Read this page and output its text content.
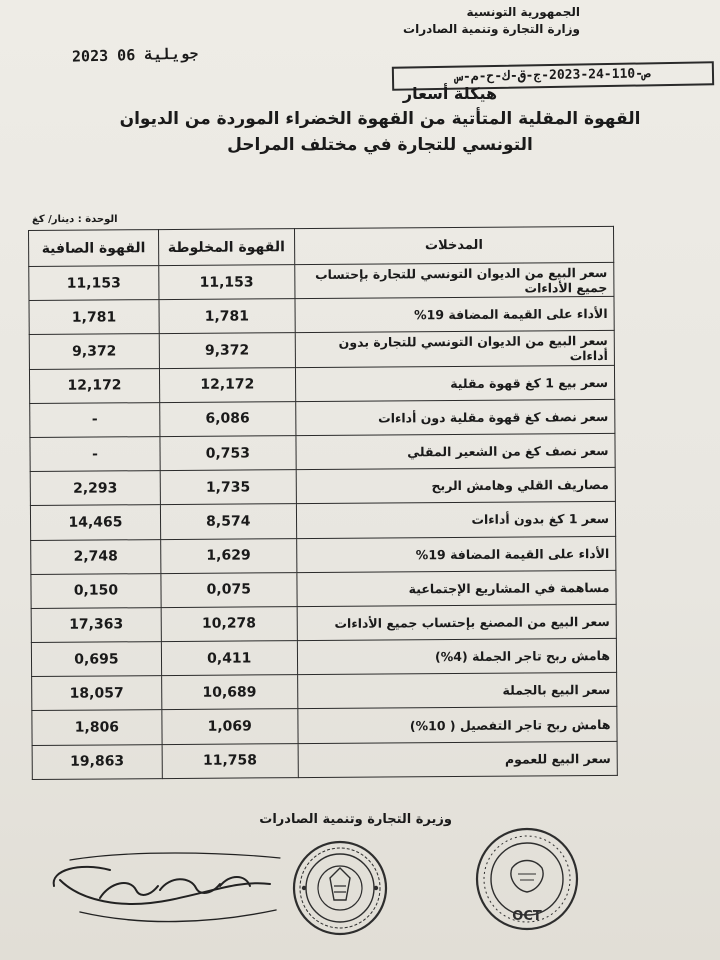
الجمهورية التونسية
وزارة التجارة وتنمية الصادرات
2023 جويلية 06
ص-110-24-2023-ج-ق-ك-ح-م-س
هيكلة أسعار
القهوة المقلية المتأتية من القهوة الخضراء الموردة من الديوان
التونسي للتجارة في مختلف المراحل
الوحدة : دينار/ كغ
المدخلات	القهوة المخلوطة	القهوة الصافية
سعر البيع من الديوان التونسي للتجارة بإحتساب جميع الأداءات	11,153	11,153
الأداء على القيمة المضافة 19%	1,781	1,781
سعر البيع من الديوان التونسي للتجارة بدون أداءات	9,372	9,372
سعر بيع 1 كغ قهوة مقلية	12,172	12,172
سعر نصف كغ قهوة مقلية دون أداءات	6,086	-
سعر نصف كغ من الشعير المقلي	0,753	-
مصاريف القلي وهامش الربح	1,735	2,293
سعر 1 كغ بدون أداءات	8,574	14,465
الأداء على القيمة المضافة 19%	1,629	2,748
مساهمة في المشاريع الإجتماعية	0,075	0,150
سعر البيع من المصنع بإحتساب جميع الأداءات	10,278	17,363
هامش ربح تاجر الجملة (4%)	0,411	0,695
سعر البيع بالجملة	10,689	18,057
هامش ربح تاجر التفصيل ( 10%)	1,069	1,806
سعر البيع للعموم	11,758	19,863
وزيرة التجارة وتنمية الصادرات
OCT
